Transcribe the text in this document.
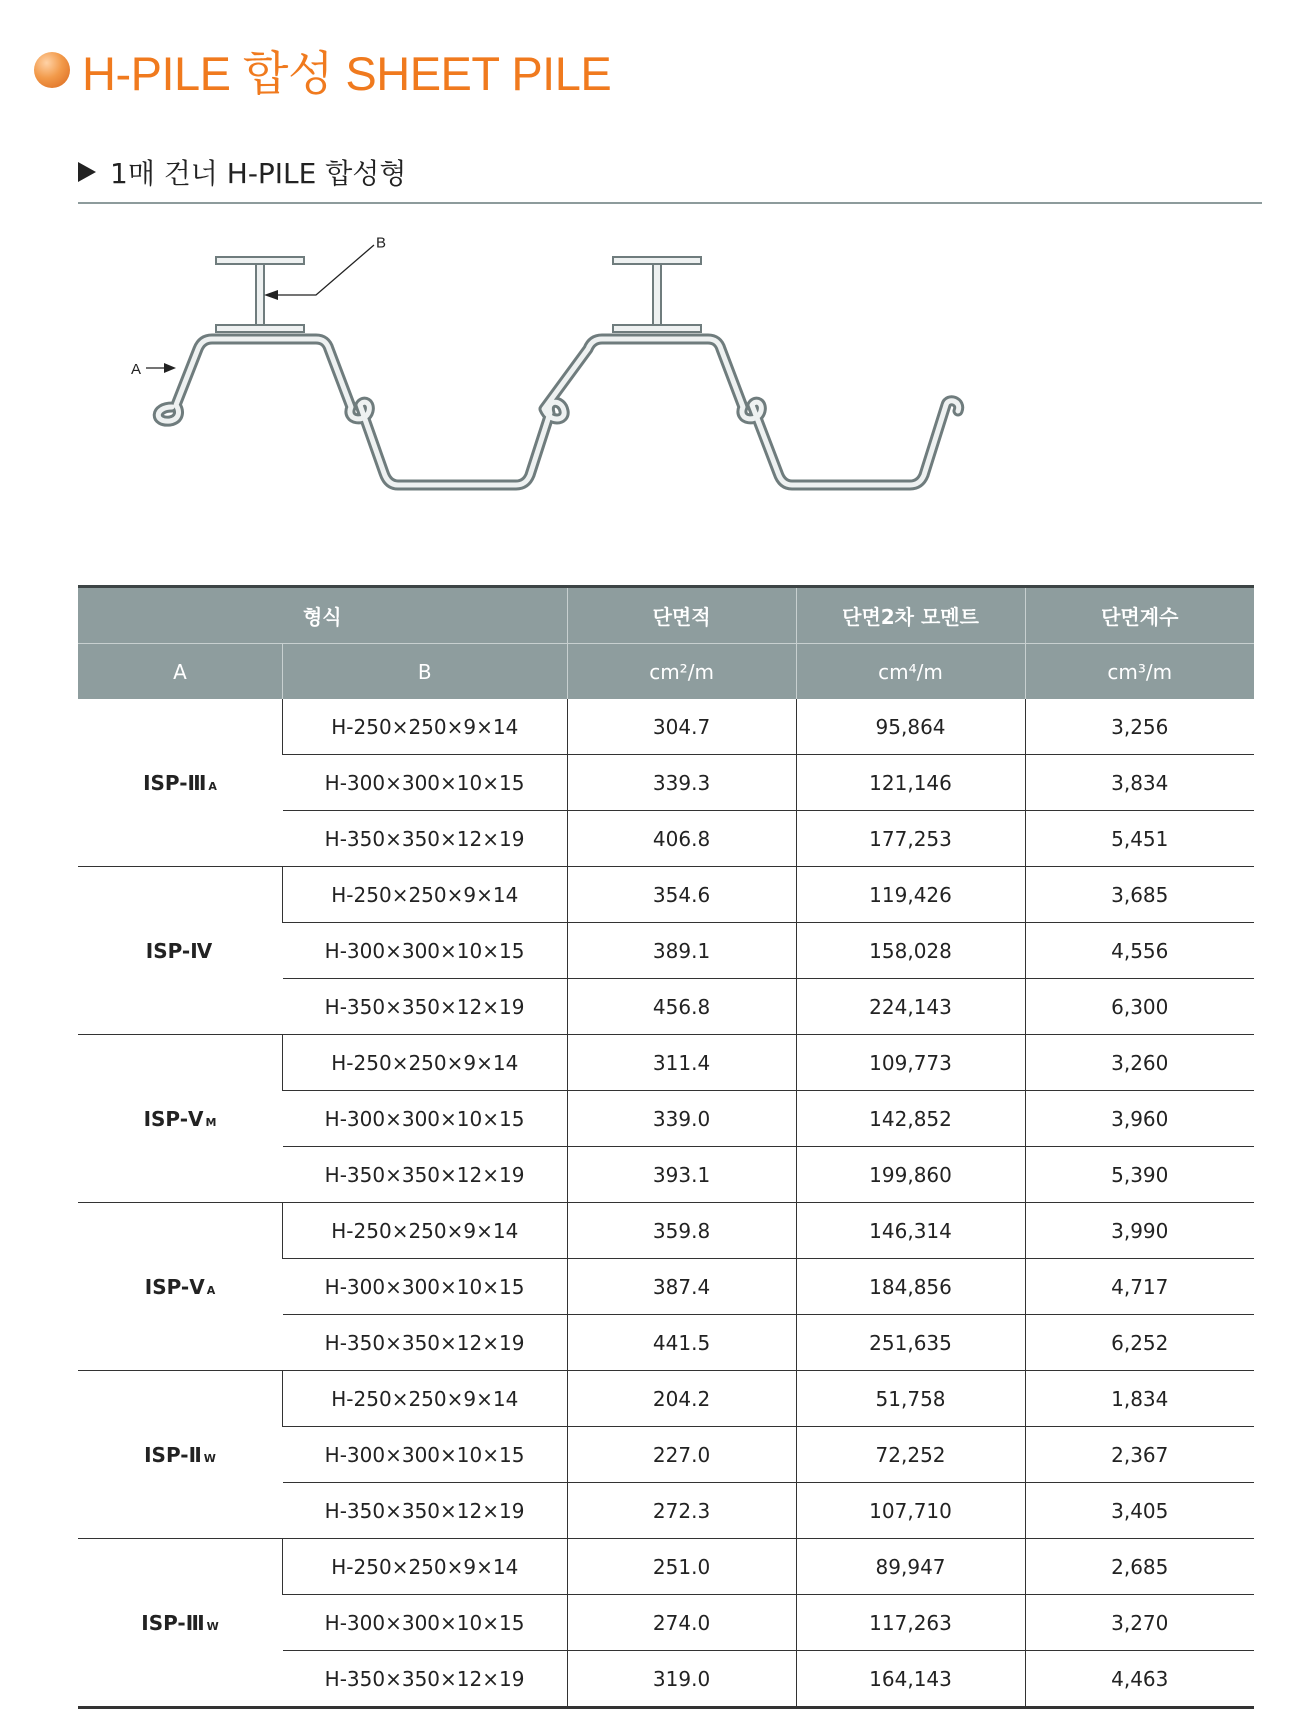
H-PILE 합성 SHEET PILE
1매 건너 H-PILE 합성형
B
A
형식		단면적	단면2차 모멘트	단면계수
A	B	cm²/m	cm⁴/m	cm³/m
ISP-Ⅲ A	H-250×250×9×14	304.7	95,864	3,256
	H-300×300×10×15	339.3	121,146	3,834
	H-350×350×12×19	406.8	177,253	5,451
ISP-Ⅳ	H-250×250×9×14	354.6	119,426	3,685
	H-300×300×10×15	389.1	158,028	4,556
	H-350×350×12×19	456.8	224,143	6,300
ISP-Ⅴ M	H-250×250×9×14	311.4	109,773	3,260
	H-300×300×10×15	339.0	142,852	3,960
	H-350×350×12×19	393.1	199,860	5,390
ISP-Ⅴ A	H-250×250×9×14	359.8	146,314	3,990
	H-300×300×10×15	387.4	184,856	4,717
	H-350×350×12×19	441.5	251,635	6,252
ISP-Ⅱ W	H-250×250×9×14	204.2	51,758	1,834
	H-300×300×10×15	227.0	72,252	2,367
	H-350×350×12×19	272.3	107,710	3,405
ISP-Ⅲ W	H-250×250×9×14	251.0	89,947	2,685
	H-300×300×10×15	274.0	117,263	3,270
	H-350×350×12×19	319.0	164,143	4,463
